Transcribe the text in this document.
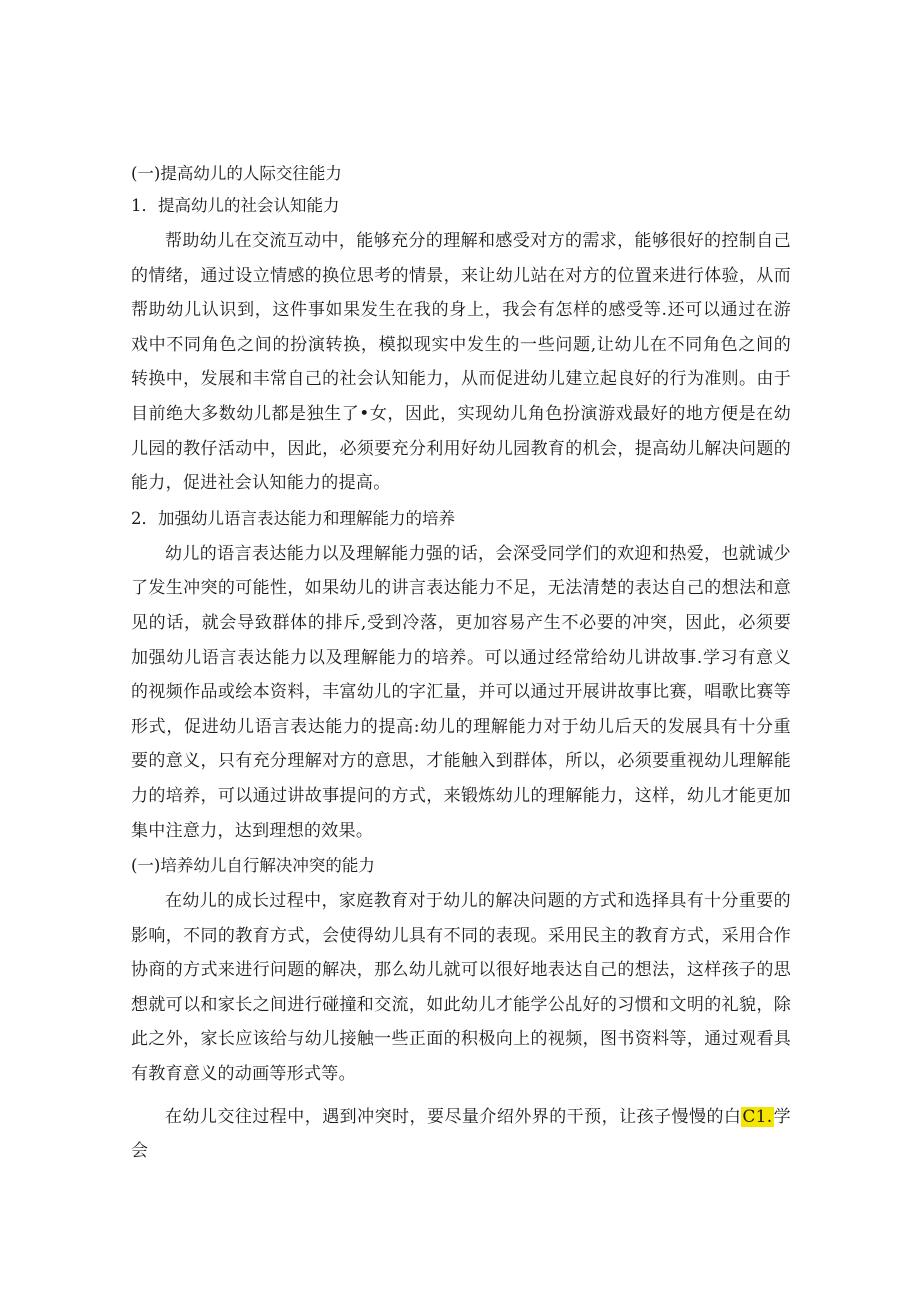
(一)提高幼儿的人际交往能力

1．提高幼儿的社会认知能力

帮助幼儿在交流互动中，能够充分的理解和感受对方的需求，能够很好的控制自己的情绪，通过设立情感的换位思考的情景，来让幼儿站在对方的位置来进行体验，从而帮助幼儿认识到，这件事如果发生在我的身上，我会有怎样的感受等.还可以通过在游戏中不同角色之间的扮演转换，模拟现实中发生的一些问题,让幼儿在不同角色之间的转换中，发展和丰常自己的社会认知能力，从而促进幼儿建立起良好的行为准则。由于目前绝大多数幼儿都是独生了•女，因此，实现幼儿角色扮演游戏最好的地方便是在幼儿园的教仔活动中，因此，必须要充分利用好幼儿园教育的机会，提高幼儿解决问题的能力，促进社会认知能力的提高。

2．加强幼儿语言表达能力和理解能力的培养

幼儿的语言表达能力以及理解能力强的话，会深受同学们的欢迎和热爱，也就诚少了发生冲突的可能性，如果幼儿的讲言表达能力不足，无法清楚的表达自己的想法和意见的话，就会导致群体的排斥,受到冷落，更加容易产生不必要的冲突，因此，必须要加强幼儿语言表达能力以及理解能力的培养。可以通过经常给幼儿讲故事.学习有意义的视频作品或绘本资料，丰富幼儿的字汇量，并可以通过开展讲故事比赛，唱歌比赛等形式，促进幼儿语言表达能力的提高:幼儿的理解能力对于幼儿后天的发展具有十分重要的意义，只有充分理解对方的意思，才能触入到群体，所以，必须要重视幼儿理解能力的培养，可以通过讲故事提问的方式，来锻炼幼儿的理解能力，这样，幼儿才能更加集中注意力，达到理想的效果。

(一)培养幼儿自行解决冲突的能力

在幼儿的成长过程中，家庭教育对于幼儿的解决问题的方式和选择具有十分重要的影响，不同的教育方式，会使得幼儿具有不同的表现。采用民主的教育方式，采用合作协商的方式来进行问题的解决，那么幼儿就可以很好地表达自己的想法，这样孩子的思想就可以和家长之间进行碰撞和交流，如此幼儿才能学公乩好的习惯和文明的礼貌，除此之外，家长应该给与幼儿接触一些正面的积极向上的视频，图书资料等，通过观看具有教育意义的动画等形式等。

在幼儿交往过程中，遇到冲突时，要尽量介绍外界的干预，让孩子慢慢的白C1.学会
